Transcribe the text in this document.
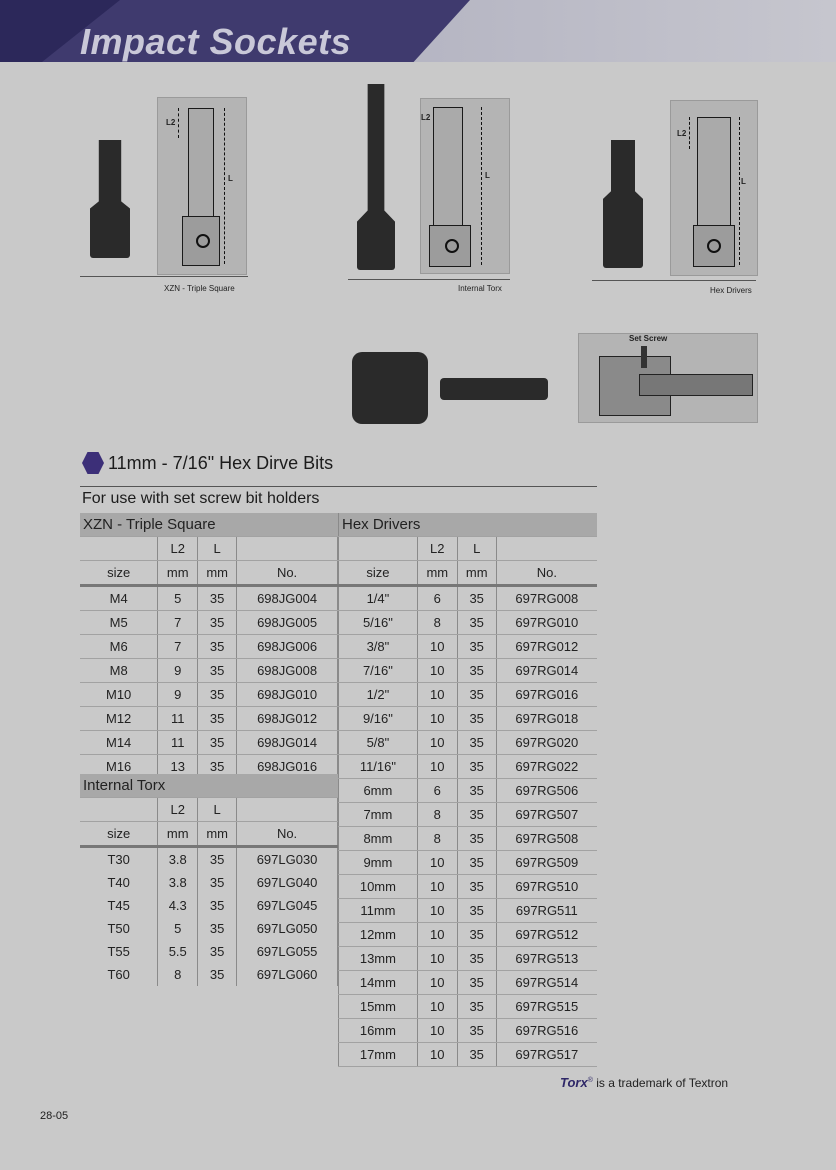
Impact Sockets
L2
L
XZN - Triple Square
L2
L
Internal Torx
L2
L
Hex Drivers
Set Screw
11mm - 7/16" Hex Dirve Bits
For use with set screw bit holders
XZN - Triple Square			
	L2	L	
size	mm	mm	No.
M4	5	35	698JG004
M5	7	35	698JG005
M6	7	35	698JG006
M8	9	35	698JG008
M10	9	35	698JG010
M12	11	35	698JG012
M14	11	35	698JG014
M16	13	35	698JG016
Internal Torx			
	L2	L	
size	mm	mm	No.
T30	3.8	35	697LG030
T40	3.8	35	697LG040
T45	4.3	35	697LG045
T50	5	35	697LG050
T55	5.5	35	697LG055
T60	8	35	697LG060
Hex Drivers			
	L2	L	
size	mm	mm	No.
1/4"	6	35	697RG008
5/16"	8	35	697RG010
3/8"	10	35	697RG012
7/16"	10	35	697RG014
1/2"	10	35	697RG016
9/16"	10	35	697RG018
5/8"	10	35	697RG020
11/16"	10	35	697RG022
6mm	6	35	697RG506
7mm	8	35	697RG507
8mm	8	35	697RG508
9mm	10	35	697RG509
10mm	10	35	697RG510
11mm	10	35	697RG511
12mm	10	35	697RG512
13mm	10	35	697RG513
14mm	10	35	697RG514
15mm	10	35	697RG515
16mm	10	35	697RG516
17mm	10	35	697RG517
Torx® is a trademark of Textron
28-05
